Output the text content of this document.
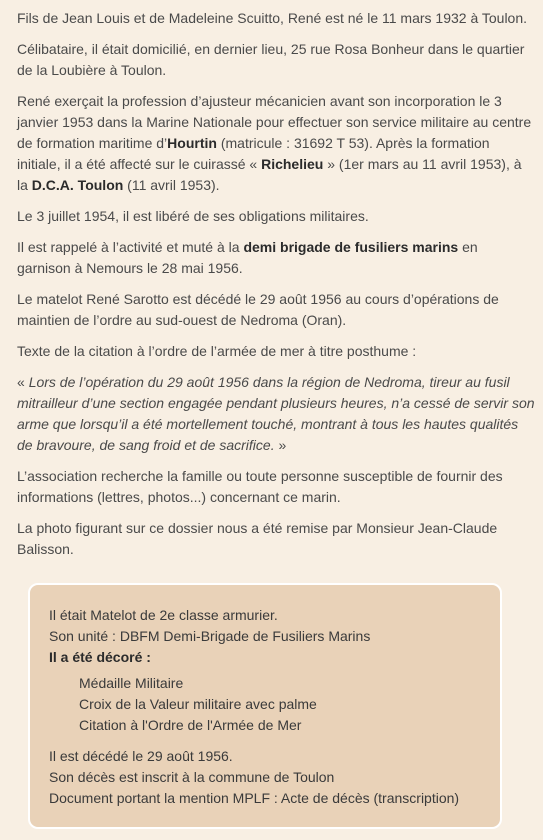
Fils de Jean Louis et de Madeleine Scuitto, René est né le 11 mars 1932 à Toulon.

Célibataire, il était domicilié, en dernier lieu, 25 rue Rosa Bonheur dans le quartier de la Loubière à Toulon.

René exerçait la profession d’ajusteur mécanicien avant son incorporation le 3 janvier 1953 dans la Marine Nationale pour effectuer son service militaire au centre de formation maritime d’Hourtin (matricule : 31692 T 53). Après la formation initiale, il a été affecté sur le cuirassé « Richelieu » (1er mars au 11 avril 1953), à la D.C.A. Toulon (11 avril 1953).

Le 3 juillet 1954, il est libéré de ses obligations militaires.

Il est rappelé à l’activité et muté à la demi brigade de fusiliers marins en garnison à Nemours le 28 mai 1956.

Le matelot René Sarotto est décédé le 29 août 1956 au cours d’opérations de maintien de l’ordre au sud-ouest de Nedroma (Oran).

Texte de la citation à l’ordre de l’armée de mer à titre posthume :

« Lors de l’opération du 29 août 1956 dans la région de Nedroma, tireur au fusil mitrailleur d’une section engagée pendant plusieurs heures, n’a cessé de servir son arme que lorsqu’il a été mortellement touché, montrant à tous les hautes qualités de bravoure, de sang froid et de sacrifice. »

L’association recherche la famille ou toute personne susceptible de fournir des informations (lettres, photos...) concernant ce marin.

La photo figurant sur ce dossier nous a été remise par Monsieur Jean-Claude Balisson.

Il était Matelot de 2e classe armurier.

Son unité : DBFM Demi-Brigade de Fusiliers Marins

Il a été décoré :

Médaille Militaire
Croix de la Valeur militaire avec palme
Citation à l'Ordre de l'Armée de Mer

Il est décédé le 29 août 1956.

Son décès est inscrit à la commune de Toulon

Document portant la mention MPLF : Acte de décès (transcription)
